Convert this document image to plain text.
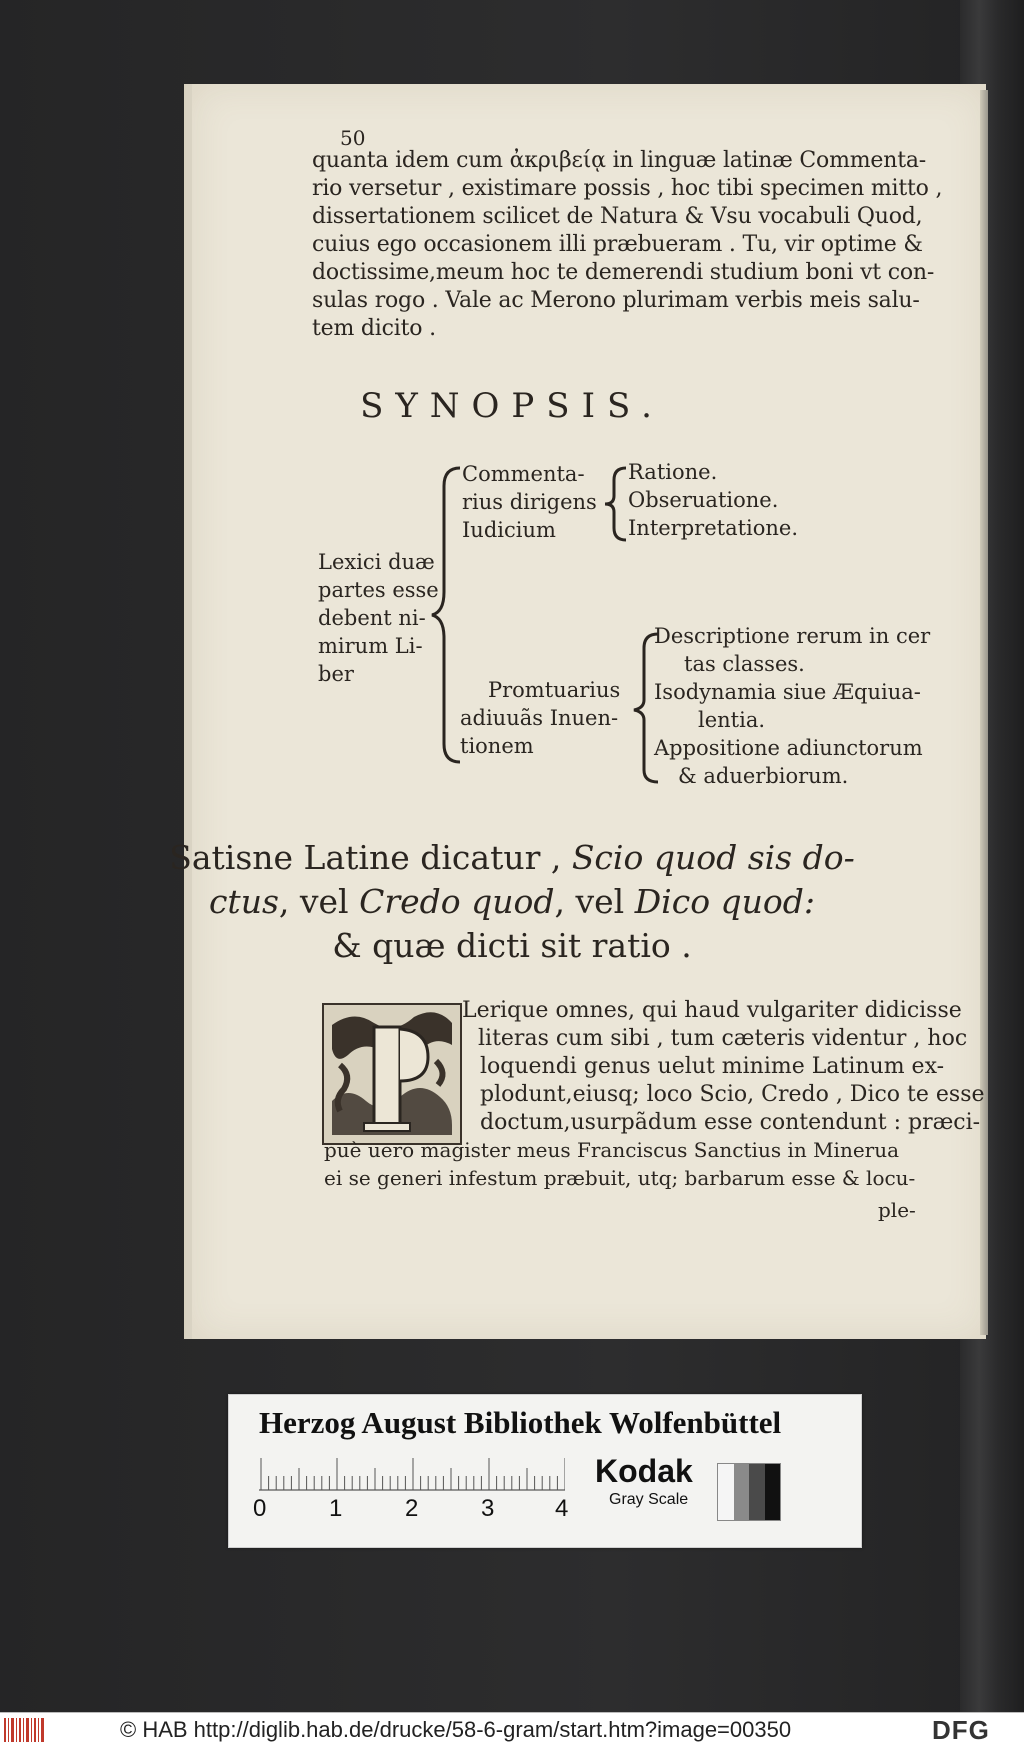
50

quanta idem cum ἀκριβείᾳ in linguæ latinæ Commenta-

rio versetur , existimare possis , hoc tibi specimen mitto ,

dissertationem scilicet de Natura & Vsu vocabuli Quod,

cuius ego occasionem illi præbueram . Tu, vir optime &

doctissime,meum hoc te demerendi studium boni vt con-

sulas rogo . Vale ac Merono plurimam verbis meis salu-

tem dicito .

SYNOPSIS.

Lexici duæ

partes esse

debent ni-

mirum Li-

ber

Commenta-

rius dirigens

Iudicium

Ratione.

Obseruatione.

Interpretatione.

Promtuarius

adiuuãs Inuen-

tionem

Descriptione rerum in cer

tas classes.

Isodynamia siue Æquiua-

lentia.

Appositione adiunctorum

& aduerbiorum.

Satisne Latine dicatur , Scio quod sis do-

ctus, vel Credo quod, vel Dico quod:

& quæ dicti sit ratio .

Lerique omnes, qui haud vulgariter didicisse

literas cum sibi , tum cæteris videntur , hoc

loquendi genus uelut minime Latinum ex-

plodunt,eiusq; loco Scio, Credo , Dico te esse

doctum,usurpãdum esse contendunt : præci-

puè uero magister meus Franciscus Sanctius in Minerua

ei se generi infestum præbuit, utq; barbarum esse & locu-

ple-

Herzog August Bibliothek Wolfenbüttel

0	1	2	3	4

Kodak

Gray Scale

© HAB http://diglib.hab.de/drucke/58-6-gram/start.htm?image=00350	DFG
